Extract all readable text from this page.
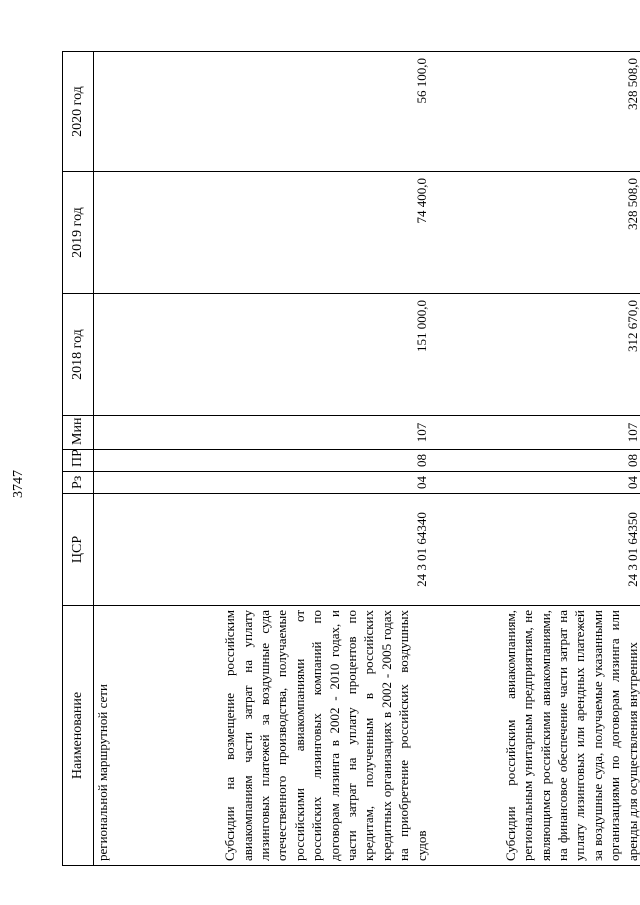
3747
Наименование	ЦСР	Рз	ПР	Мин	2018 год	2019 год	2020 год
региональной маршрутной сети							
Субсидии на возмещение российским авиакомпаниям части затрат на уплату лизинговых платежей за воздушные суда отечественного производства, получаемые российскими авиакомпаниями от российских лизинговых компаний по договорам лизинга в 2002 - 2010 годах, и части затрат на уплату процентов по кредитам, полученным в российских кредитных организациях в 2002 - 2005 годах на приобретение российских воздушных судов	24 3 01 64340	04	08	107	151 000,0	74 400,0	56 100,0
Субсидии российским авиакомпаниям, региональным унитарным предприятиям, не являющимся российскими авиакомпаниями, на финансовое обеспечение части затрат на уплату лизинговых или арендных платежей за воздушные суда, получаемые указанными организациями по договорам лизинга или аренды для осуществления внутренних	24 3 01 64350	04	08	107	312 670,0	328 508,0	328 508,0
